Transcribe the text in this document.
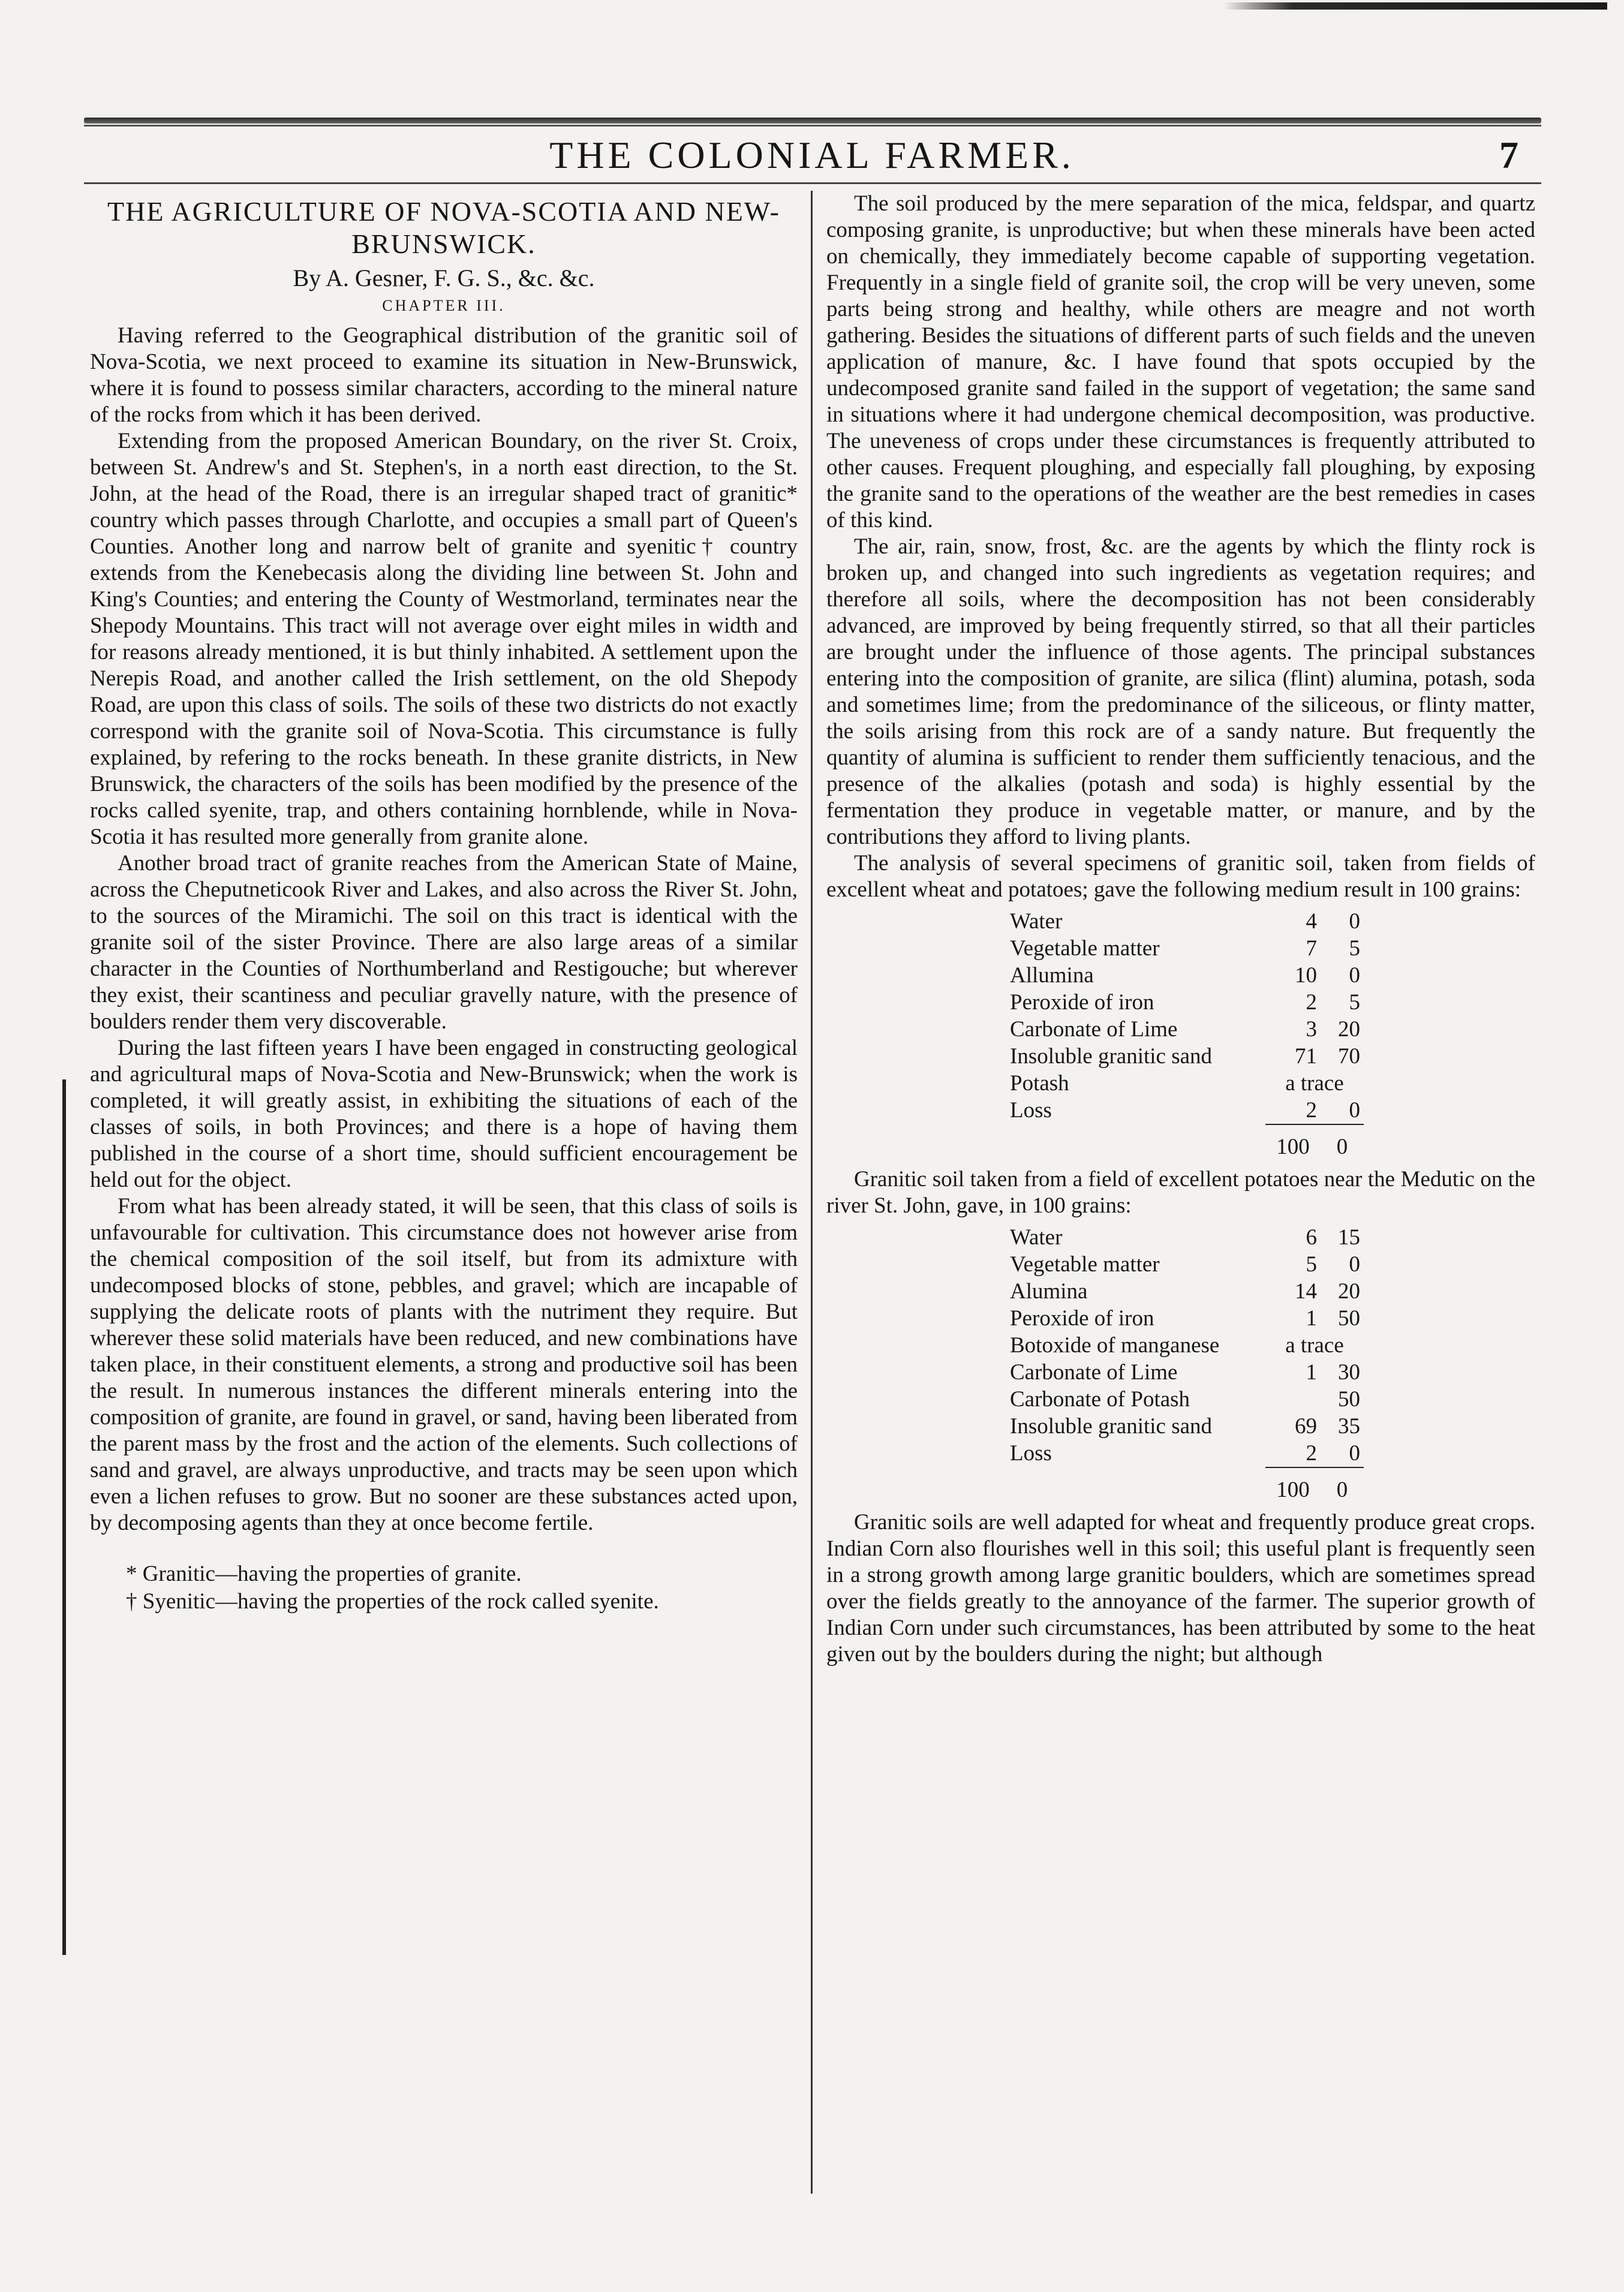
THE COLONIAL FARMER.	7
THE AGRICULTURE OF NOVA-SCOTIA AND NEW-BRUNSWICK.
By A. Gesner, F. G. S., &c. &c.
CHAPTER III.

Having referred to the Geographical distribution of the granitic soil of Nova-Scotia, we next proceed to examine its situation in New-Brunswick, where it is found to possess similar characters, according to the mineral nature of the rocks from which it has been derived.

Extending from the proposed American Boundary, on the river St. Croix, between St. Andrew's and St. Stephen's, in a north east direction, to the St. John, at the head of the Road, there is an irregular shaped tract of granitic* country which passes through Charlotte, and occupies a small part of Queen's Counties. Another long and narrow belt of granite and syenitic† country extends from the Kenebecasis along the dividing line between St. John and King's Counties; and entering the County of Westmorland, terminates near the Shepody Mountains. This tract will not average over eight miles in width and for reasons already mentioned, it is but thinly inhabited. A settlement upon the Nerepis Road, and another called the Irish settlement, on the old Shepody Road, are upon this class of soils. The soils of these two districts do not exactly correspond with the granite soil of Nova-Scotia. This circumstance is fully explained, by refering to the rocks beneath. In these granite districts, in New Brunswick, the characters of the soils has been modified by the presence of the rocks called syenite, trap, and others containing hornblende, while in Nova-Scotia it has resulted more generally from granite alone.

Another broad tract of granite reaches from the American State of Maine, across the Cheputneticook River and Lakes, and also across the River St. John, to the sources of the Miramichi. The soil on this tract is identical with the granite soil of the sister Province. There are also large areas of a similar character in the Counties of Northumberland and Restigouche; but wherever they exist, their scantiness and peculiar gravelly nature, with the presence of boulders render them very discoverable.

During the last fifteen years I have been engaged in constructing geological and agricultural maps of Nova-Scotia and New-Brunswick; when the work is completed, it will greatly assist, in exhibiting the situations of each of the classes of soils, in both Provinces; and there is a hope of having them published in the course of a short time, should sufficient encouragement be held out for the object.

From what has been already stated, it will be seen, that this class of soils is unfavourable for cultivation. This circumstance does not however arise from the chemical composition of the soil itself, but from its admixture with undecomposed blocks of stone, pebbles, and gravel; which are incapable of supplying the delicate roots of plants with the nutriment they require. But wherever these solid materials have been reduced, and new combinations have taken place, in their constituent elements, a strong and productive soil has been the result. In numerous instances the different minerals entering into the composition of granite, are found in gravel, or sand, having been liberated from the parent mass by the frost and the action of the elements. Such collections of sand and gravel, are always unproductive, and tracts may be seen upon which even a lichen refuses to grow. But no sooner are these substances acted upon, by decomposing agents than they at once become fertile.

* Granitic—having the properties of granite.
† Syenitic—having the properties of the rock called syenite.

The soil produced by the mere separation of the mica, feldspar, and quartz composing granite, is unproductive; but when these minerals have been acted on chemically, they immediately become capable of supporting vegetation. Frequently in a single field of granite soil, the crop will be very uneven, some parts being strong and healthy, while others are meagre and not worth gathering. Besides the situations of different parts of such fields and the uneven application of manure, &c. I have found that spots occupied by the undecomposed granite sand failed in the support of vegetation; the same sand in situations where it had undergone chemical decomposition, was productive. The uneveness of crops under these circumstances is frequently attributed to other causes. Frequent ploughing, and especially fall ploughing, by exposing the granite sand to the operations of the weather are the best remedies in cases of this kind.

The air, rain, snow, frost, &c. are the agents by which the flinty rock is broken up, and changed into such ingredients as vegetation requires; and therefore all soils, where the decomposition has not been considerably advanced, are improved by being frequently stirred, so that all their particles are brought under the influence of those agents. The principal substances entering into the composition of granite, are silica (flint) alumina, potash, soda and sometimes lime; from the predominance of the siliceous, or flinty matter, the soils arising from this rock are of a sandy nature. But frequently the quantity of alumina is sufficient to render them sufficiently tenacious, and the presence of the alkalies (potash and soda) is highly essential by the fermentation they produce in vegetable matter, or manure, and by the contributions they afford to living plants.

The analysis of several specimens of granitic soil, taken from fields of excellent wheat and potatoes; gave the following medium result in 100 grains:

Water	4	0
Vegetable matter	7	5
Allumina	10	0
Peroxide of iron	2	5
Carbonate of Lime	3	20
Insoluble granitic sand	71	70
Potash	a trace	
Loss	2	0
	100	0

Granitic soil taken from a field of excellent potatoes near the Medutic on the river St. John, gave, in 100 grains:

Water	6	15
Vegetable matter	5	0
Alumina	14	20
Peroxide of iron	1	50
Botoxide of manganese	a trace	
Carbonate of Lime	1	30
Carbonate of Potash		50
Insoluble granitic sand	69	35
Loss	2	0
	100	0

Granitic soils are well adapted for wheat and frequently produce great crops. Indian Corn also flourishes well in this soil; this useful plant is frequently seen in a strong growth among large granitic boulders, which are sometimes spread over the fields greatly to the annoyance of the farmer. The superior growth of Indian Corn under such circumstances, has been attributed by some to the heat given out by the boulders during the night; but although
